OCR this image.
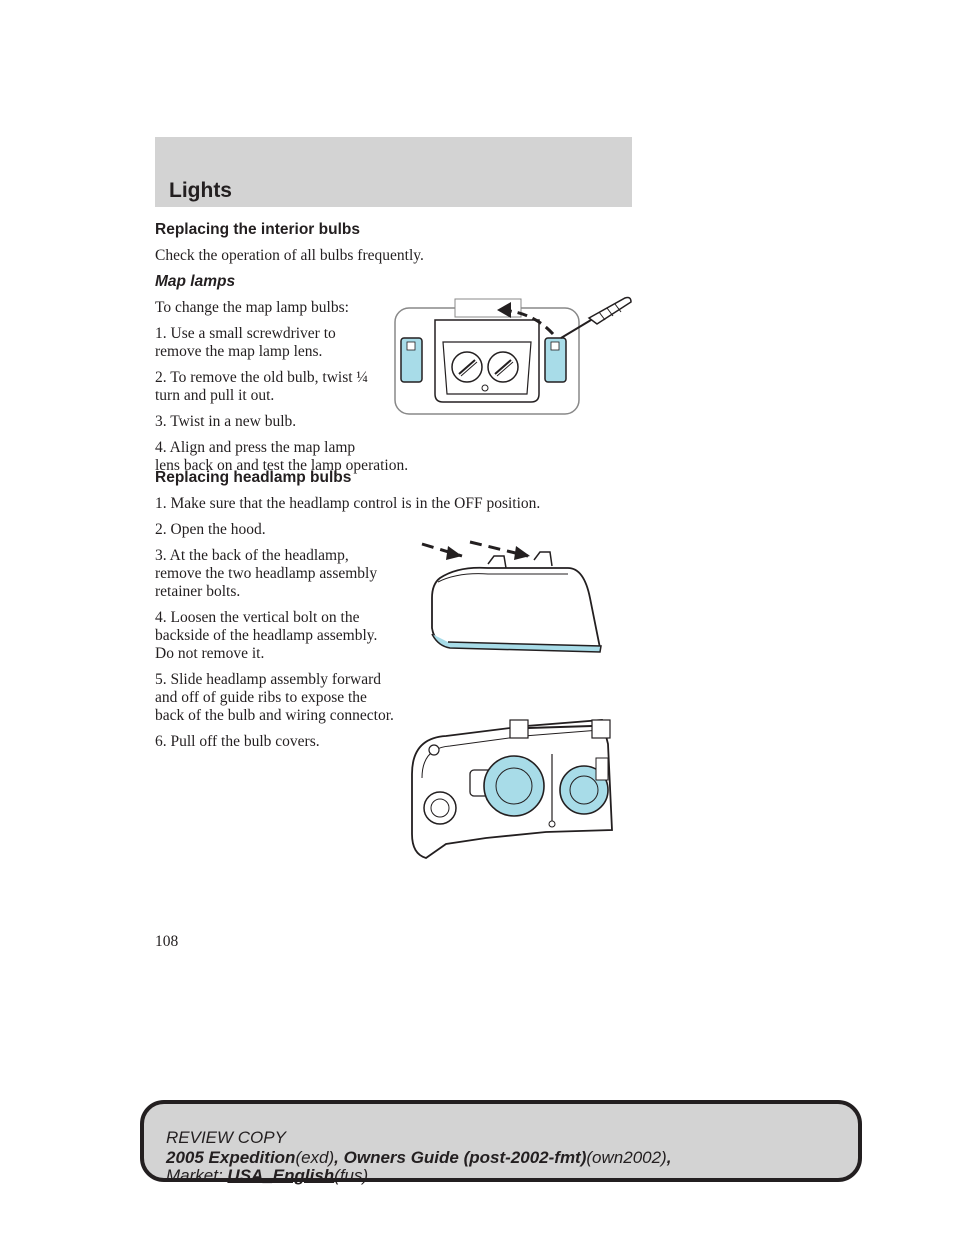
Lights

Replacing the interior bulbs

Check the operation of all bulbs frequently.

Map lamps

To change the map lamp bulbs:

1. Use a small screwdriver to

remove the map lamp lens.

2. To remove the old bulb, twist ¼

turn and pull it out.

3. Twist in a new bulb.

4. Align and press the map lamp

lens back on and test the lamp operation.

Replacing headlamp bulbs

1. Make sure that the headlamp control is in the OFF position.

2. Open the hood.

3. At the back of the headlamp,

remove the two headlamp assembly

retainer bolts.

4. Loosen the vertical bolt on the

backside of the headlamp assembly.

Do not remove it.

5. Slide headlamp assembly forward

and off of guide ribs to expose the

back of the bulb and wiring connector.

6. Pull off the bulb covers.

108

REVIEW COPY

2005 Expedition(exd), Owners Guide (post-2002-fmt)(own2002),

Market: USA_English(fus)
